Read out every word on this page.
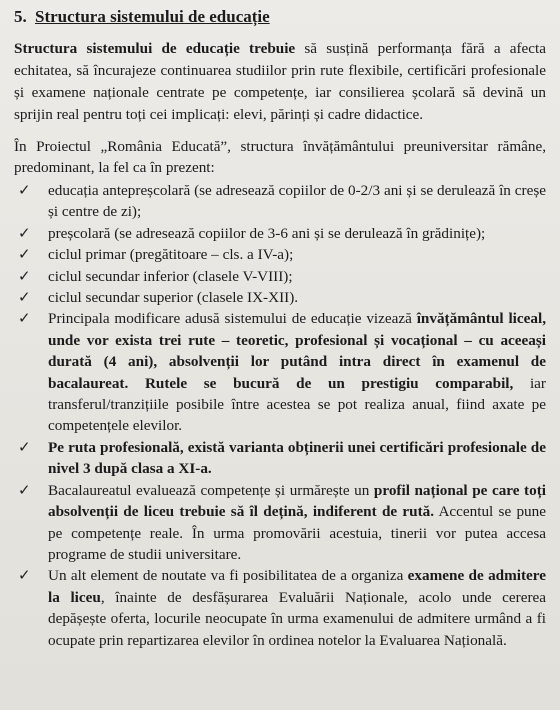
5. Structura sistemului de educație

Structura sistemului de educație trebuie să susțină performanța fără a afecta echitatea, să încurajeze continuarea studiilor prin rute flexibile, certificări profesionale și examene naționale centrate pe competențe, iar consilierea școlară să devină un sprijin real pentru toți cei implicați: elevi, părinți și cadre didactice.

În Proiectul „România Educată”, structura învățământului preuniversitar rămâne, predominant, la fel ca în prezent:

✓ educația antepreșcolară (se adresează copiilor de 0-2/3 ani și se derulează în creșe și centre de zi);
✓ preșcolară (se adresează copiilor de 3-6 ani și se derulează în grădinițe);
✓ ciclul primar (pregătitoare – cls. a IV-a);
✓ ciclul secundar inferior (clasele V-VIII);
✓ ciclul secundar superior (clasele IX-XII).
✓ Principala modificare adusă sistemului de educație vizează învățământul liceal, unde vor exista trei rute – teoretic, profesional și vocațional – cu aceeași durată (4 ani), absolvenții lor putând intra direct în examenul de bacalaureat. Rutele se bucură de un prestigiu comparabil, iar transferul/tranzițiile posibile între acestea se pot realiza anual, fiind axate pe competențele elevilor.
✓ Pe ruta profesională, există varianta obținerii unei certificări profesionale de nivel 3 după clasa a XI-a.
✓ Bacalaureatul evaluează competențe și urmărește un profil național pe care toți absolvenții de liceu trebuie să îl dețină, indiferent de rută. Accentul se pune pe competențe reale. În urma promovării acestuia, tinerii vor putea accesa programe de studii universitare.
✓ Un alt element de noutate va fi posibilitatea de a organiza examene de admitere la liceu, înainte de desfășurarea Evaluării Naționale, acolo unde cererea depășește oferta, locurile neocupate în urma examenului de admitere urmând a fi ocupate prin repartizarea elevilor în ordinea notelor la Evaluarea Națională.
